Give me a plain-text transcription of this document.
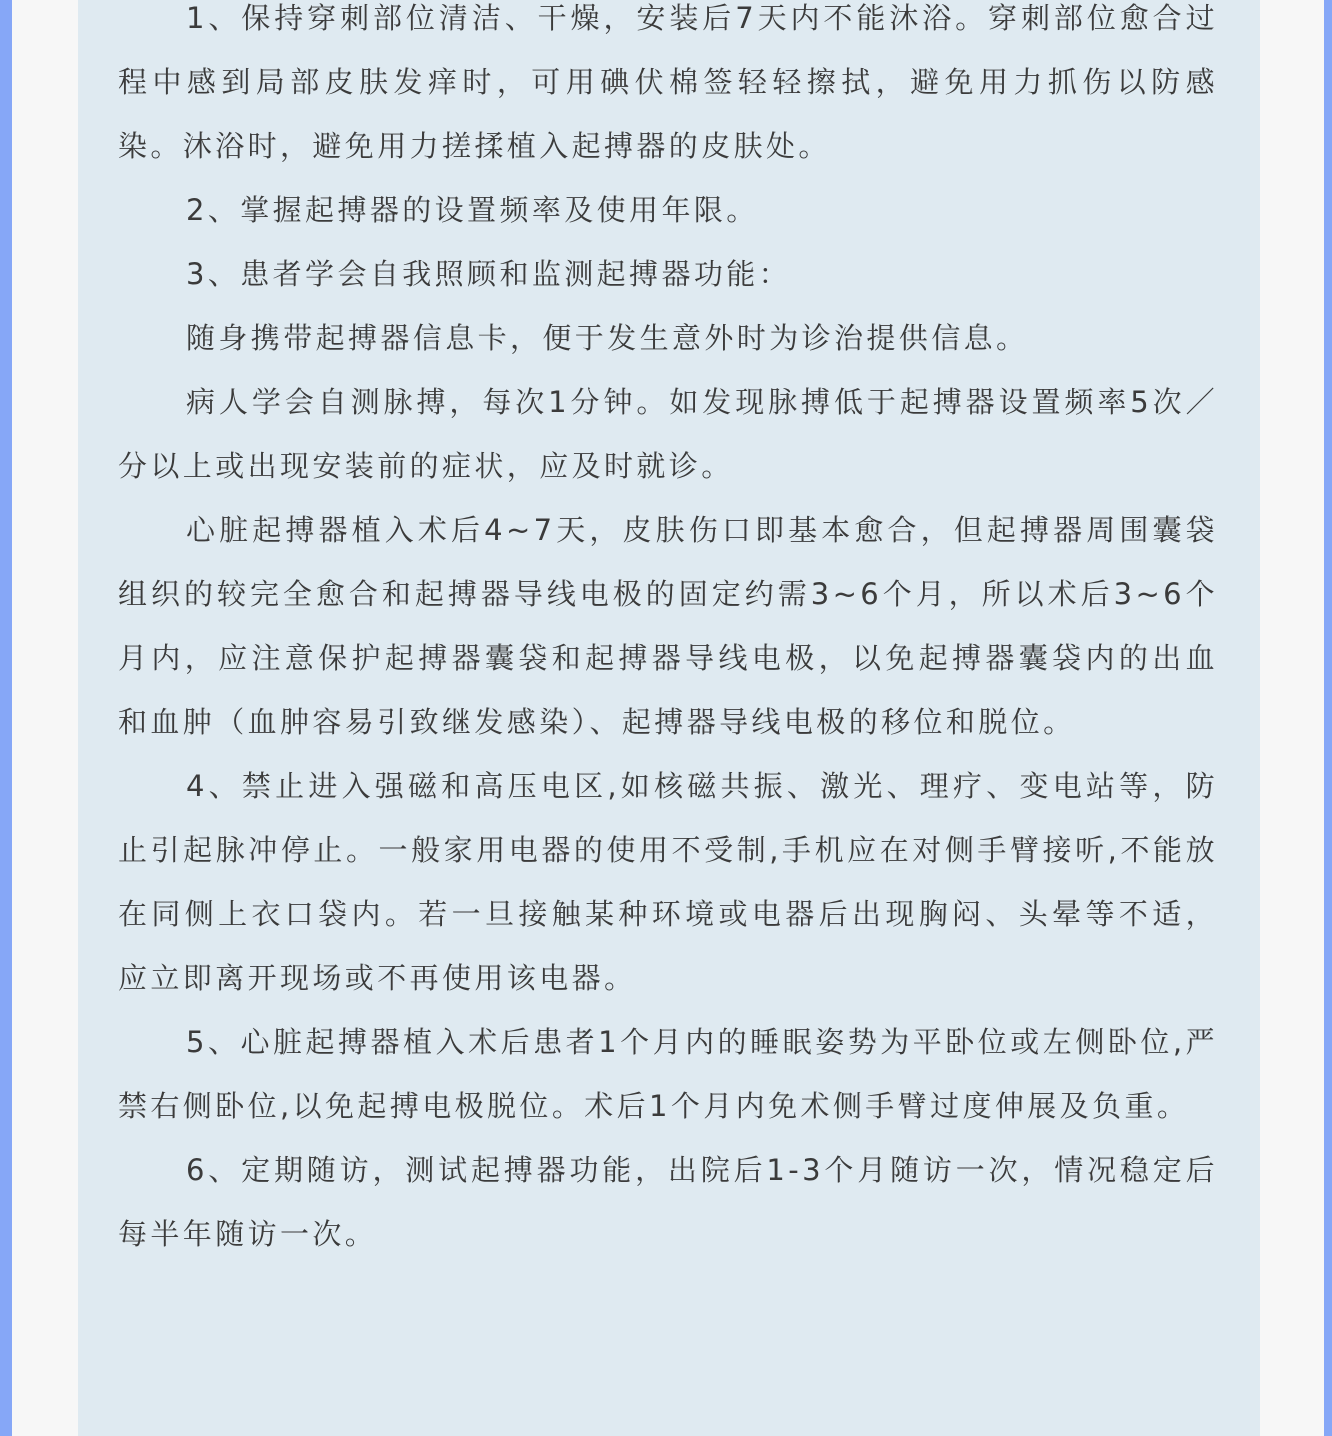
1、保持穿刺部位清洁、干燥，安装后7天内不能沐浴。穿刺部位愈合过程中感到局部皮肤发痒时，可用碘伏棉签轻轻擦拭，避免用力抓伤以防感染。沐浴时，避免用力搓揉植入起搏器的皮肤处。

2、掌握起搏器的设置频率及使用年限。

3、患者学会自我照顾和监测起搏器功能：

随身携带起搏器信息卡，便于发生意外时为诊治提供信息。

病人学会自测脉搏，每次1分钟。如发现脉搏低于起搏器设置频率5次／分以上或出现安装前的症状，应及时就诊。

心脏起搏器植入术后4~7天，皮肤伤口即基本愈合，但起搏器周围囊袋组织的较完全愈合和起搏器导线电极的固定约需3~6个月，所以术后3~6个月内，应注意保护起搏器囊袋和起搏器导线电极，以免起搏器囊袋内的出血和血肿（血肿容易引致继发感染）、起搏器导线电极的移位和脱位。

4、禁止进入强磁和高压电区,如核磁共振、激光、理疗、变电站等，防止引起脉冲停止。一般家用电器的使用不受制,手机应在对侧手臂接听,不能放在同侧上衣口袋内。若一旦接触某种环境或电器后出现胸闷、头晕等不适，应立即离开现场或不再使用该电器。

5、心脏起搏器植入术后患者1个月内的睡眠姿势为平卧位或左侧卧位,严禁右侧卧位,以免起搏电极脱位。术后1个月内免术侧手臂过度伸展及负重。

6、定期随访，测试起搏器功能，出院后1-3个月随访一次，情况稳定后每半年随访一次。
